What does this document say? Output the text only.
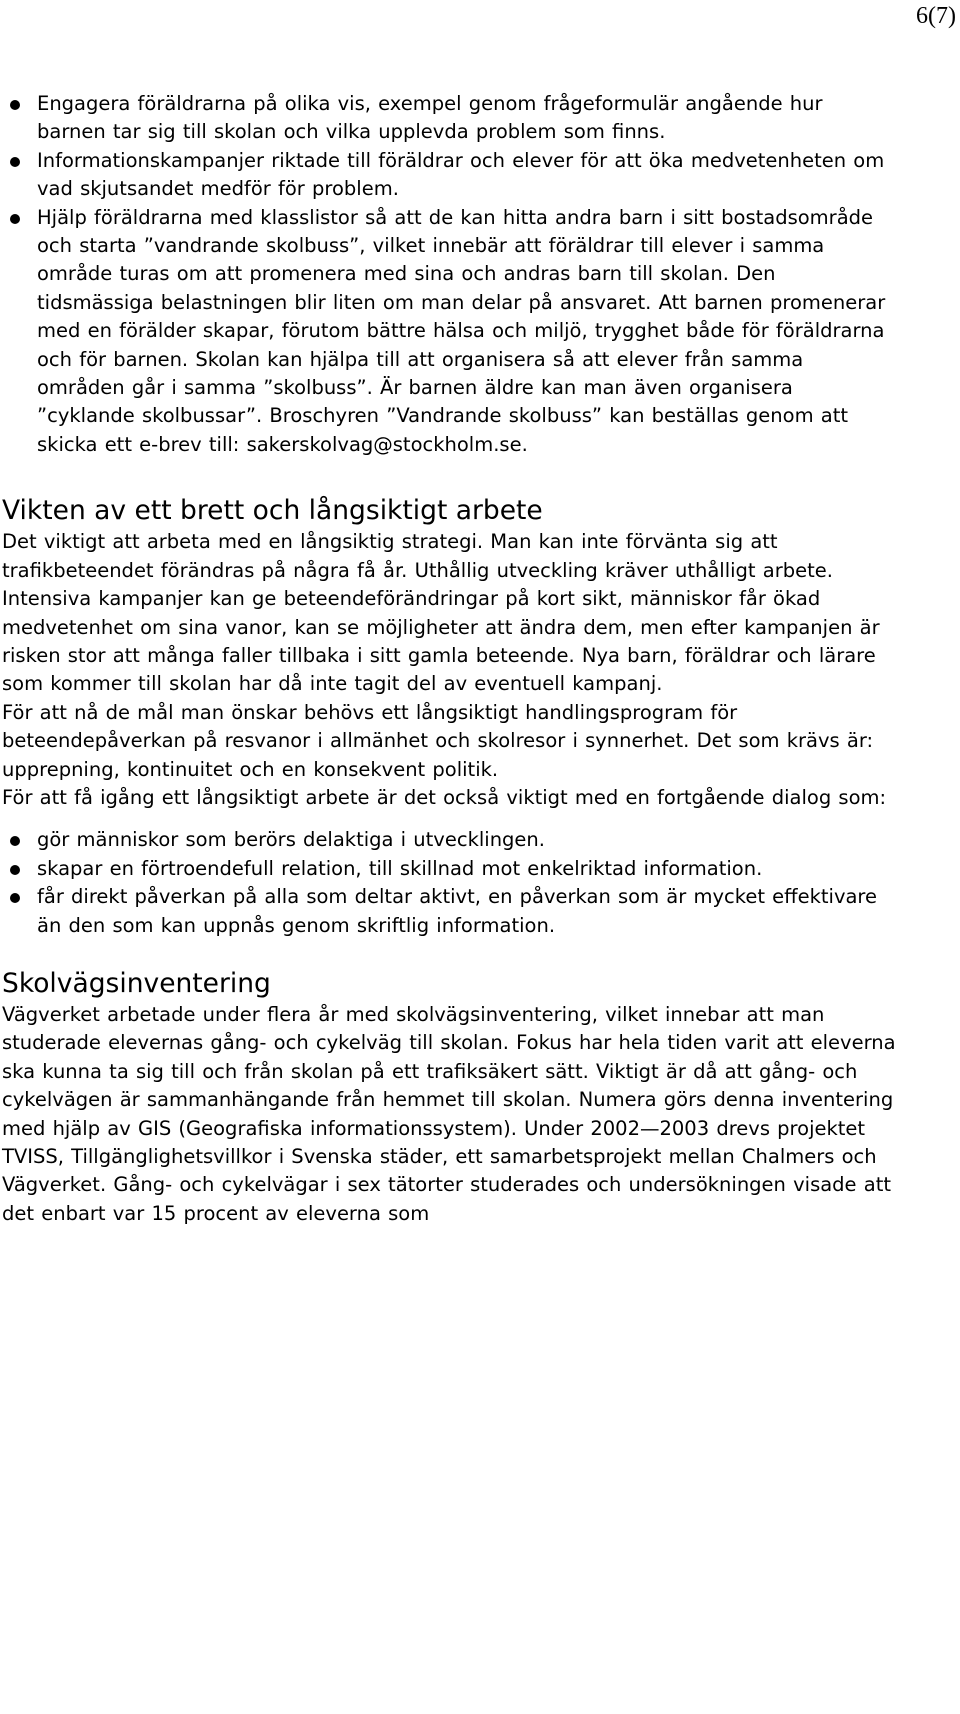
6(7)
Engagera föräldrarna på olika vis, exempel genom frågeformulär angående hur barnen tar sig till skolan och vilka upplevda problem som finns.
Informationskampanjer riktade till föräldrar och elever för att öka medvetenheten om vad skjutsandet medför för problem.
Hjälp föräldrarna med klasslistor så att de kan hitta andra barn i sitt bostadsområde och starta ”vandrande skolbuss”, vilket innebär att föräldrar till elever i samma område turas om att promenera med sina och andras barn till skolan. Den tidsmässiga belastningen blir liten om man delar på ansvaret. Att barnen promenerar med en förälder skapar, förutom bättre hälsa och miljö, trygghet både för föräldrarna och för barnen. Skolan kan hjälpa till att organisera så att elever från samma områden går i samma ”skolbuss”. Är barnen äldre kan man även organisera ”cyklande skolbussar”. Broschyren ”Vandrande skolbuss” kan beställas genom att skicka ett e-brev till: sakerskolvag@stockholm.se.
Vikten av ett brett och långsiktigt arbete

Det viktigt att arbeta med en långsiktig strategi. Man kan inte förvänta sig att trafikbeteendet förändras på några få år. Uthållig utveckling kräver uthålligt arbete.

Intensiva kampanjer kan ge beteendeförändringar på kort sikt, människor får ökad medvetenhet om sina vanor, kan se möjligheter att ändra dem, men efter kampanjen är risken stor att många faller tillbaka i sitt gamla beteende. Nya barn, föräldrar och lärare som kommer till skolan har då inte tagit del av eventuell kampanj.

För att nå de mål man önskar behövs ett långsiktigt handlingsprogram för beteendepåverkan på resvanor i allmänhet och skolresor i synnerhet. Det som krävs är: upprepning, kontinuitet och en konsekvent politik.

För att få igång ett långsiktigt arbete är det också viktigt med en fortgående dialog som:

gör människor som berörs delaktiga i utvecklingen.
skapar en förtroendefull relation, till skillnad mot enkelriktad information.
får direkt påverkan på alla som deltar aktivt, en påverkan som är mycket effektivare än den som kan uppnås genom skriftlig information.
Skolvägsinventering

Vägverket arbetade under flera år med skolvägsinventering, vilket innebar att man studerade elevernas gång- och cykelväg till skolan. Fokus har hela tiden varit att eleverna ska kunna ta sig till och från skolan på ett trafiksäkert sätt. Viktigt är då att gång- och cykelvägen är sammanhängande från hemmet till skolan. Numera görs denna inventering med hjälp av GIS (Geografiska informationssystem). Under 2002—2003 drevs projektet TVISS, Tillgänglighetsvillkor i Svenska städer, ett samarbetsprojekt mellan Chalmers och Vägverket. Gång- och cykelvägar i sex tätorter studerades och undersökningen visade att det enbart var 15 procent av eleverna som
